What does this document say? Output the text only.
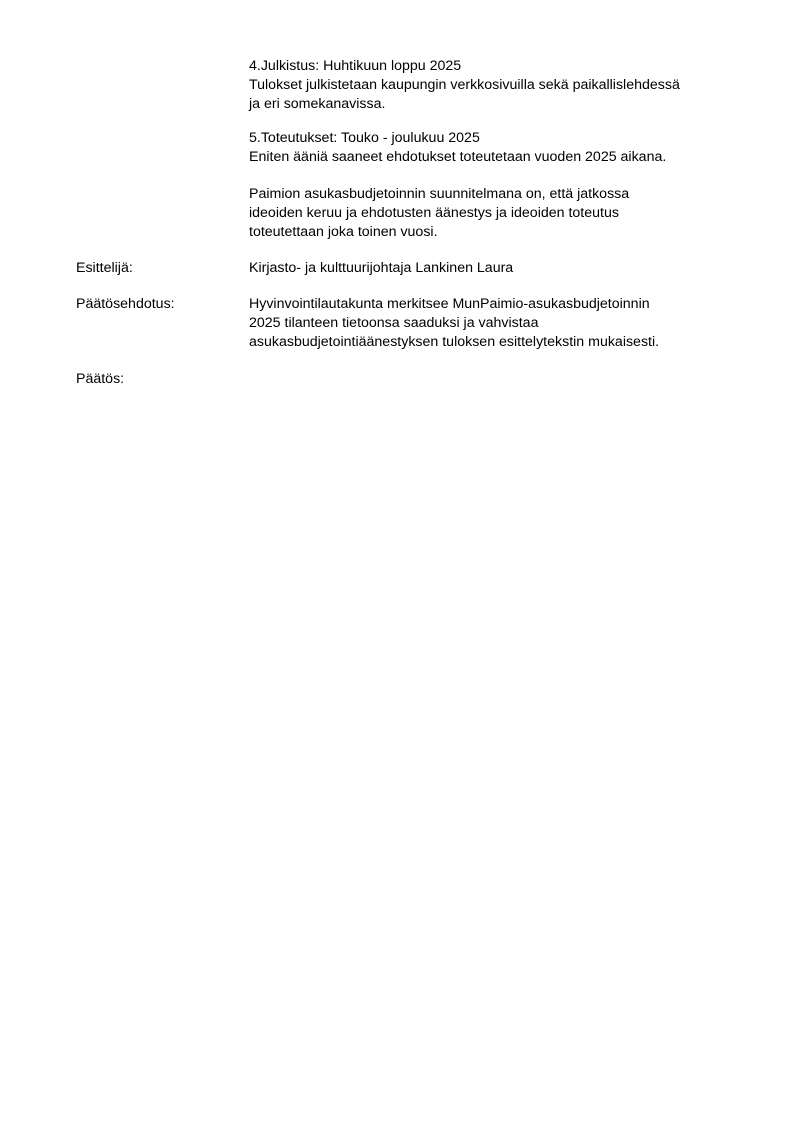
4.Julkistus: Huhtikuun loppu 2025
Tulokset julkistetaan kaupungin verkkosivuilla sekä paikallislehdessä
ja eri somekanavissa.
5.Toteutukset: Touko - joulukuu 2025
Eniten ääniä saaneet ehdotukset toteutetaan vuoden 2025 aikana.
Paimion asukasbudjetoinnin suunnitelmana on, että jatkossa
ideoiden keruu ja ehdotusten äänestys ja ideoiden toteutus
toteutettaan joka toinen vuosi.
Esittelijä:	Kirjasto- ja kulttuurijohtaja Lankinen Laura
Päätösehdotus:	Hyvinvointilautakunta merkitsee MunPaimio-asukasbudjetoinnin
2025 tilanteen tietoonsa saaduksi ja vahvistaa
asukasbudjetointiäänestyksen tuloksen esittelytekstin mukaisesti.
Päätös:
